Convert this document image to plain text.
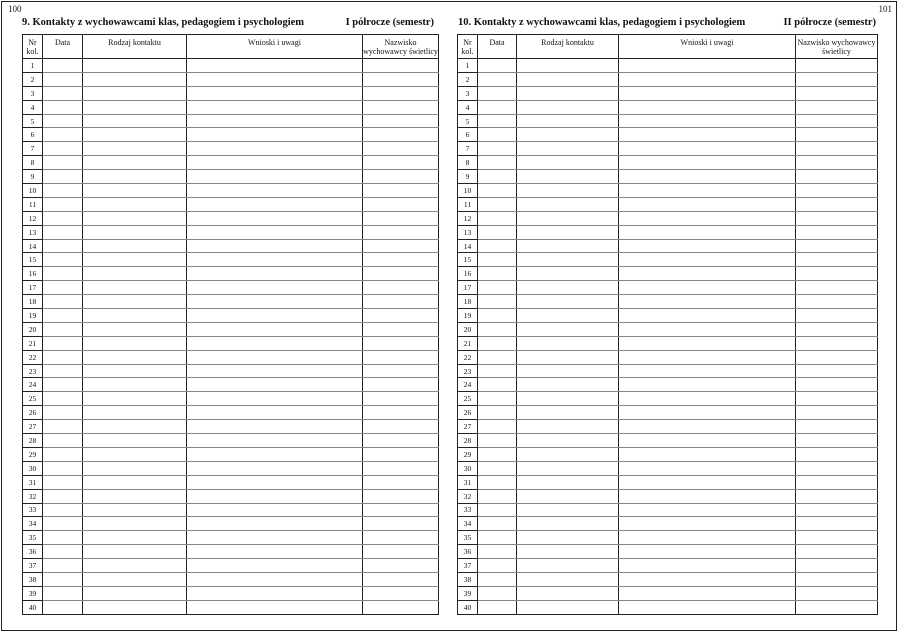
100
9. Kontakty z wychowawcami klas, pedagogiem i psychologiem	I półrocze (semestr)
Nr kol.	Data	Rodzaj kontaktu	Wnioski i uwagi	Nazwisko wychowawcy świetlicy
1				
2				
3				
4				
5				
6				
7				
8				
9				
10				
11				
12				
13				
14				
15				
16				
17				
18				
19				
20				
21				
22				
23				
24				
25				
26				
27				
28				
29				
30				
31				
32				
33				
34				
35				
36				
37				
38				
39				
40				
101
10. Kontakty z wychowawcami klas, pedagogiem i psychologiem	II półrocze (semestr)
Nr kol.	Data	Rodzaj kontaktu	Wnioski i uwagi	Nazwisko wychowawcy świetlicy
1				
2				
3				
4				
5				
6				
7				
8				
9				
10				
11				
12				
13				
14				
15				
16				
17				
18				
19				
20				
21				
22				
23				
24				
25				
26				
27				
28				
29				
30				
31				
32				
33				
34				
35				
36				
37				
38				
39				
40				
